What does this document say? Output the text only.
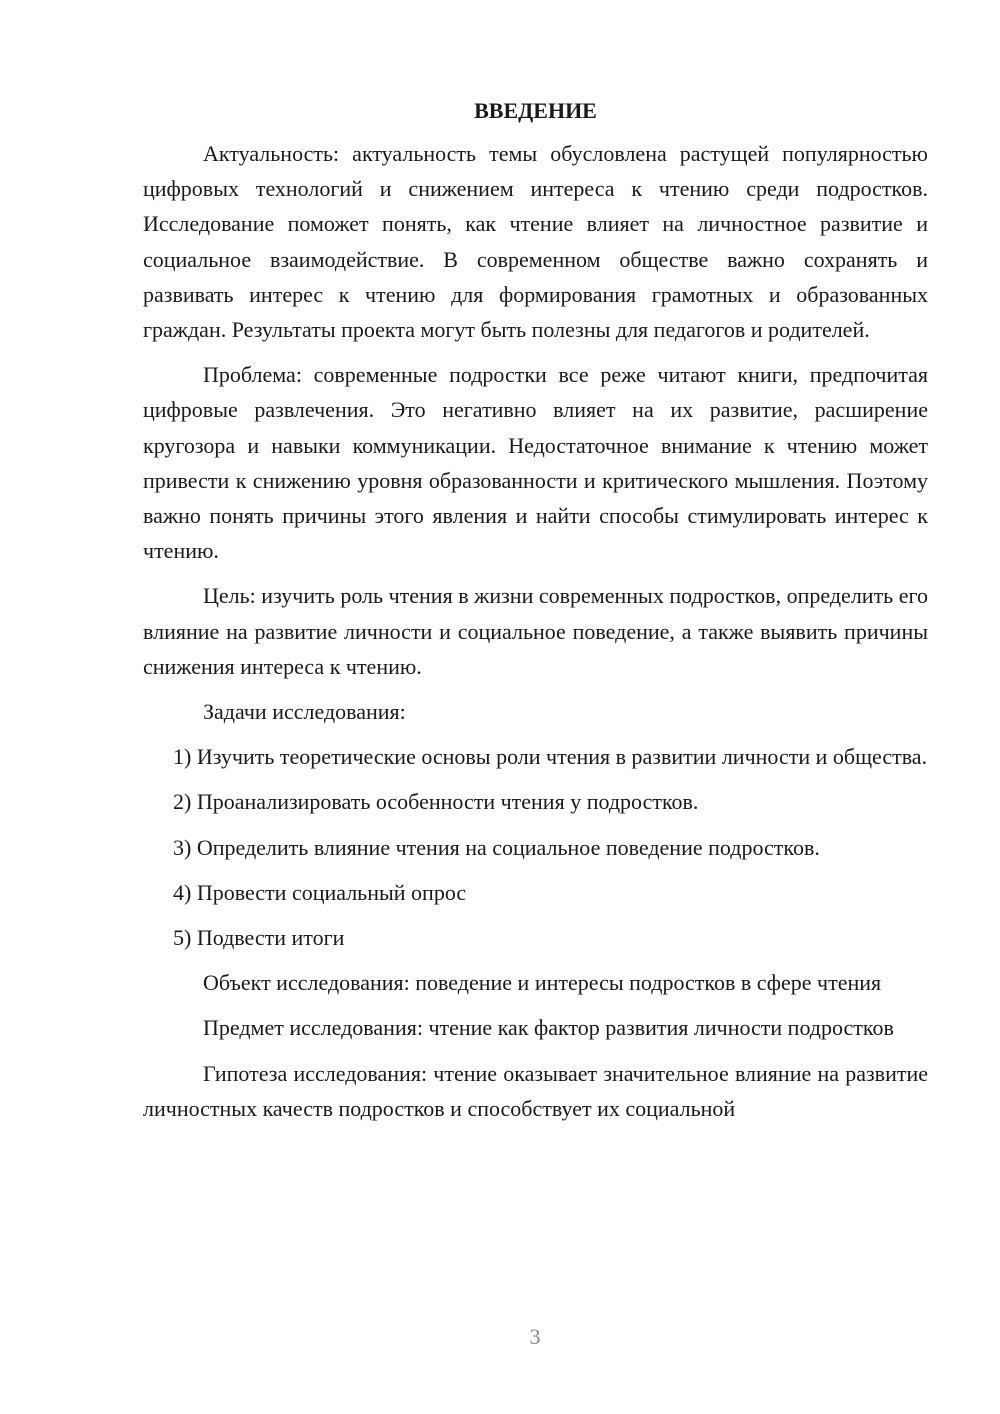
ВВЕДЕНИЕ

Актуальность: актуальность темы обусловлена растущей популярностью цифровых технологий и снижением интереса к чтению среди подростков. Исследование поможет понять, как чтение влияет на личностное развитие и социальное взаимодействие. В современном обществе важно сохранять и развивать интерес к чтению для формирования грамотных и образованных граждан. Результаты проекта могут быть полезны для педагогов и родителей.

Проблема: современные подростки все реже читают книги, предпочитая цифровые развлечения. Это негативно влияет на их развитие, расширение кругозора и навыки коммуникации. Недостаточное внимание к чтению может привести к снижению уровня образованности и критического мышления. Поэтому важно понять причины этого явления и найти способы стимулировать интерес к чтению.

Цель: изучить роль чтения в жизни современных подростков, определить его влияние на развитие личности и социальное поведение, а также выявить причины снижения интереса к чтению.

Задачи исследования:

1) Изучить теоретические основы роли чтения в развитии личности и общества.

2) Проанализировать особенности чтения у подростков.

3) Определить влияние чтения на социальное поведение подростков.

4) Провести социальный опрос

5) Подвести итоги

Объект исследования: поведение и интересы подростков в сфере чтения

Предмет исследования: чтение как фактор развития личности подростков

Гипотеза исследования: чтение оказывает значительное влияние на развитие личностных качеств подростков и способствует их социальной

3
